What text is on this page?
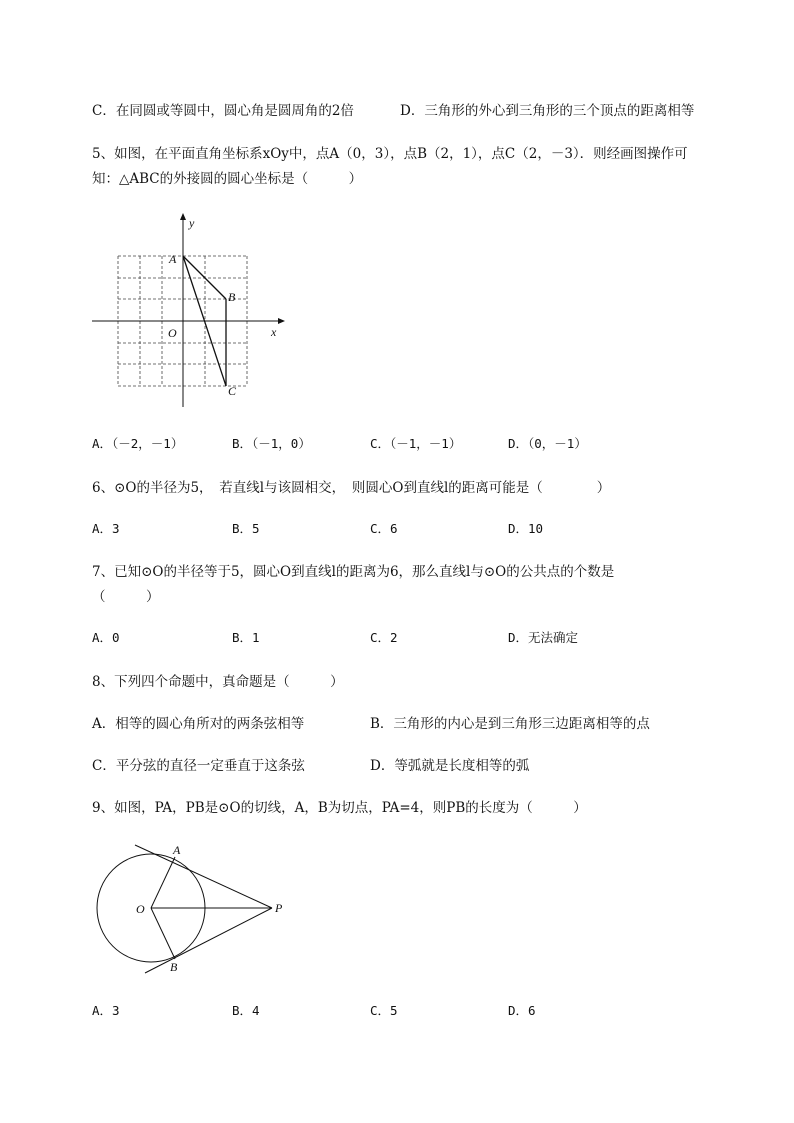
C．在同圆或等圆中，圆心角是圆周角的2倍	D．三角形的外心到三角形的三个顶点的距离相等
5、如图，在平面直角坐标系xOy中，点A（0，3），点B（2，1），点C（2，－3）．则经画图操作可
知：△ABC的外接圆的圆心坐标是（　　　）
y
x
A
B
C
O
A．（－2，－1）	B．（－1，0）	C．（－1，－1）	D．（0，－1）
6、⊙O的半径为5，　若直线l与该圆相交，　则圆心O到直线l的距离可能是（　　　　）
A．3	B．5	C．6	D．10
7、已知⊙O的半径等于5，圆心O到直线l的距离为6，那么直线l与⊙O的公共点的个数是
（　　　）
A．0	B．1	C．2	D．无法确定
8、下列四个命题中，真命题是（　　　）
A．相等的圆心角所对的两条弦相等	B．三角形的内心是到三角形三边距离相等的点
C．平分弦的直径一定垂直于这条弦	D．等弧就是长度相等的弧
9、如图，PA，PB是⊙O的切线，A，B为切点，PA=4，则PB的长度为（　　　）
A
B
O	P
A．3	B．4	C．5	D．6
